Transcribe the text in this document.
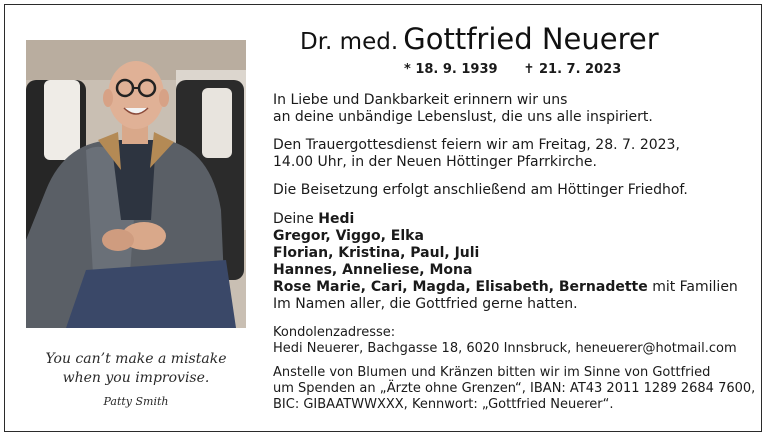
You can’t make a mistake
when you improvise.
Patty Smith
Dr. med. Gottfried Neuerer
* 18. 9. 1939 ✝ 21. 7. 2023
In Liebe und Dankbarkeit erinnern wir uns
an deine unbändige Lebenslust, die uns alle inspiriert.
Den Trauergottesdienst feiern wir am Freitag, 28. 7. 2023,
14.00 Uhr, in der Neuen Höttinger Pfarrkirche.
Die Beisetzung erfolgt anschließend am Höttinger Friedhof.
Deine Hedi
Gregor, Viggo, Elka
Florian, Kristina, Paul, Juli
Hannes, Anneliese, Mona
Rose Marie, Cari, Magda, Elisabeth, Bernadette mit Familien
Im Namen aller, die Gottfried gerne hatten.
Kondolenzadresse:
Hedi Neuerer, Bachgasse 18, 6020 Innsbruck, heneuerer@hotmail.com
Anstelle von Blumen und Kränzen bitten wir im Sinne von Gottfried
um Spenden an „Ärzte ohne Grenzen“, IBAN: AT43 2011 1289 2684 7600,
BIC: GIBAATWWXXX, Kennwort: „Gottfried Neuerer“.
